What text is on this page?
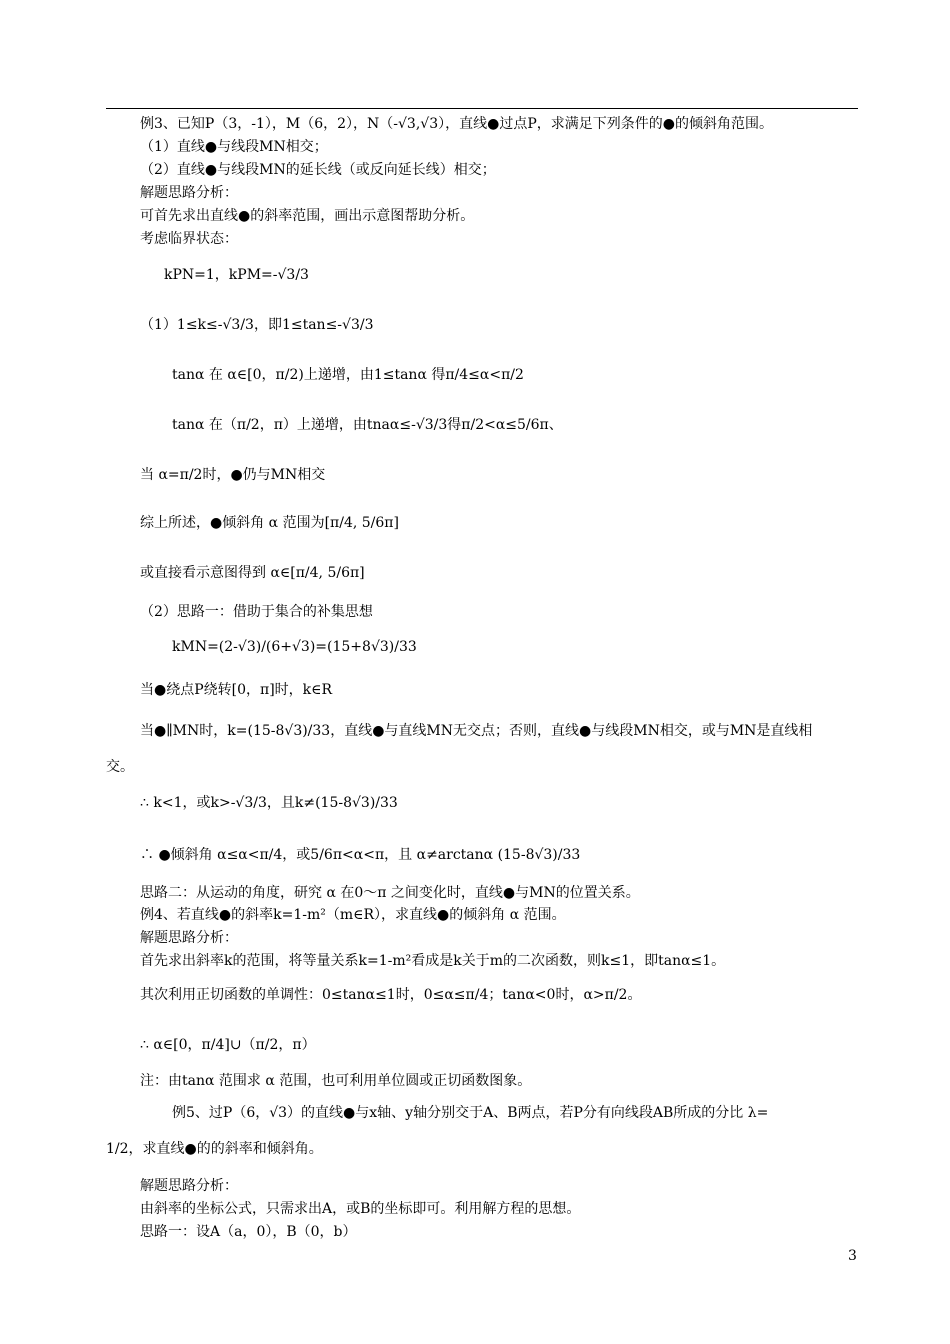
例3、已知P（3，-1），M（6，2），N（-√3,√3），直线●过点P，求满足下列条件的●的倾斜角范围。
（1）直线●与线段MN相交；
（2）直线●与线段MN的延长线（或反向延长线）相交；
解题思路分析：
可首先求出直线●的斜率范围，画出示意图帮助分析。
考虑临界状态：
kPN=1，kPM=-√3/3
（1）1≤k≤-√3/3，即1≤tan≤-√3/3
tanα 在 α∈[0，π/2)上递增，由1≤tanα 得π/4≤α<π/2
tanα 在（π/2，π）上递增，由tnaα≤-√3/3得π/2<α≤5/6π、
当 α=π/2时，●仍与MN相交
综上所述，●倾斜角 α 范围为[π/4, 5/6π]
或直接看示意图得到 α∈[π/4, 5/6π]
（2）思路一：借助于集合的补集思想
kMN=(2-√3)/(6+√3)=(15+8√3)/33
当●绕点P绕转[0，π]时，k∈R
当●∥MN时，k=(15-8√3)/33，直线●与直线MN无交点；否则，直线●与线段MN相交，或与MN是直线相
交。
∴ k<1，或k>-√3/3，且k≠(15-8√3)/33
∴ ●倾斜角 α≤α<π/4，或5/6π<α<π，且 α≠arctanα (15-8√3)/33
思路二：从运动的角度，研究 α 在0～π 之间变化时，直线●与MN的位置关系。
例4、若直线●的斜率k=1-m²（m∈R），求直线●的倾斜角 α 范围。
解题思路分析：
首先求出斜率k的范围，将等量关系k=1-m²看成是k关于m的二次函数，则k≤1，即tanα≤1。
其次利用正切函数的单调性：0≤tanα≤1时，0≤α≤π/4；tanα<0时，α>π/2。
∴ α∈[0，π/4]∪（π/2，π）
注：由tanα 范围求 α 范围，也可利用单位圆或正切函数图象。
例5、过P（6，√3）的直线●与x轴、y轴分别交于A、B两点，若P分有向线段AB所成的分比 λ=
1/2，求直线●的的斜率和倾斜角。
解题思路分析：
由斜率的坐标公式，只需求出A，或B的坐标即可。利用解方程的思想。
思路一：设A（a，0），B（0，b）
3
